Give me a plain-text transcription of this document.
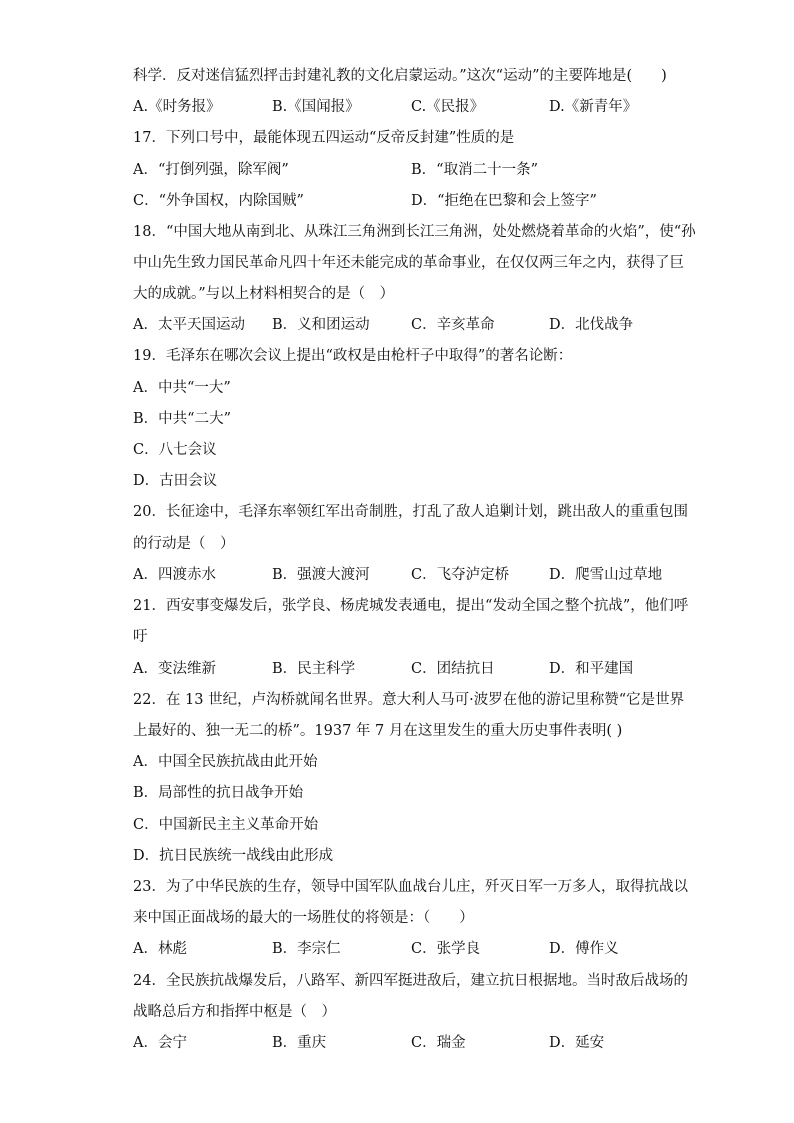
科学．反对迷信猛烈抨击封建礼教的文化启蒙运动。”这次“运动”的主要阵地是(　　)
A.《时务报》	B.《国闻报》	C.《民报》	D.《新青年》
17．下列口号中，最能体现五四运动“反帝反封建”性质的是
A．“打倒列强，除军阀”	B．“取消二十一条”
C．“外争国权，内除国贼”	D．“拒绝在巴黎和会上签字”
18．“中国大地从南到北、从珠江三角洲到长江三角洲，处处燃烧着革命的火焰”，使“孙
中山先生致力国民革命凡四十年还未能完成的革命事业，在仅仅两三年之内，获得了巨
大的成就。”与以上材料相契合的是（　）
A．太平天国运动 B．义和团运动	C．辛亥革命	D．北伐战争
19．毛泽东在哪次会议上提出“政权是由枪杆子中取得”的著名论断：
A．中共“一大”
B．中共“二大”
C．八七会议
D．古田会议
20．长征途中，毛泽东率领红军出奇制胜，打乱了敌人追剿计划，跳出敌人的重重包围
的行动是（　）
A．四渡赤水	B．强渡大渡河	C．飞夺泸定桥	D．爬雪山过草地
21．西安事变爆发后，张学良、杨虎城发表通电，提出“发动全国之整个抗战”，他们呼
吁
A．变法维新	B．民主科学	C．团结抗日	D．和平建国
22．在 13 世纪，卢沟桥就闻名世界。意大利人马可·波罗在他的游记里称赞“它是世界
上最好的、独一无二的桥”。1937 年 7 月在这里发生的重大历史事件表明( )
A．中国全民族抗战由此开始
B．局部性的抗日战争开始
C．中国新民主主义革命开始
D．抗日民族统一战线由此形成
23．为了中华民族的生存，领导中国军队血战台儿庄，歼灭日军一万多人，取得抗战以
来中国正面战场的最大的一场胜仗的将领是：（　　）
A．林彪	B．李宗仁	C．张学良	D．傅作义
24．全民族抗战爆发后，八路军、新四军挺进敌后，建立抗日根据地。当时敌后战场的
战略总后方和指挥中枢是（　）
A．会宁	B．重庆	C．瑞金	D．延安
